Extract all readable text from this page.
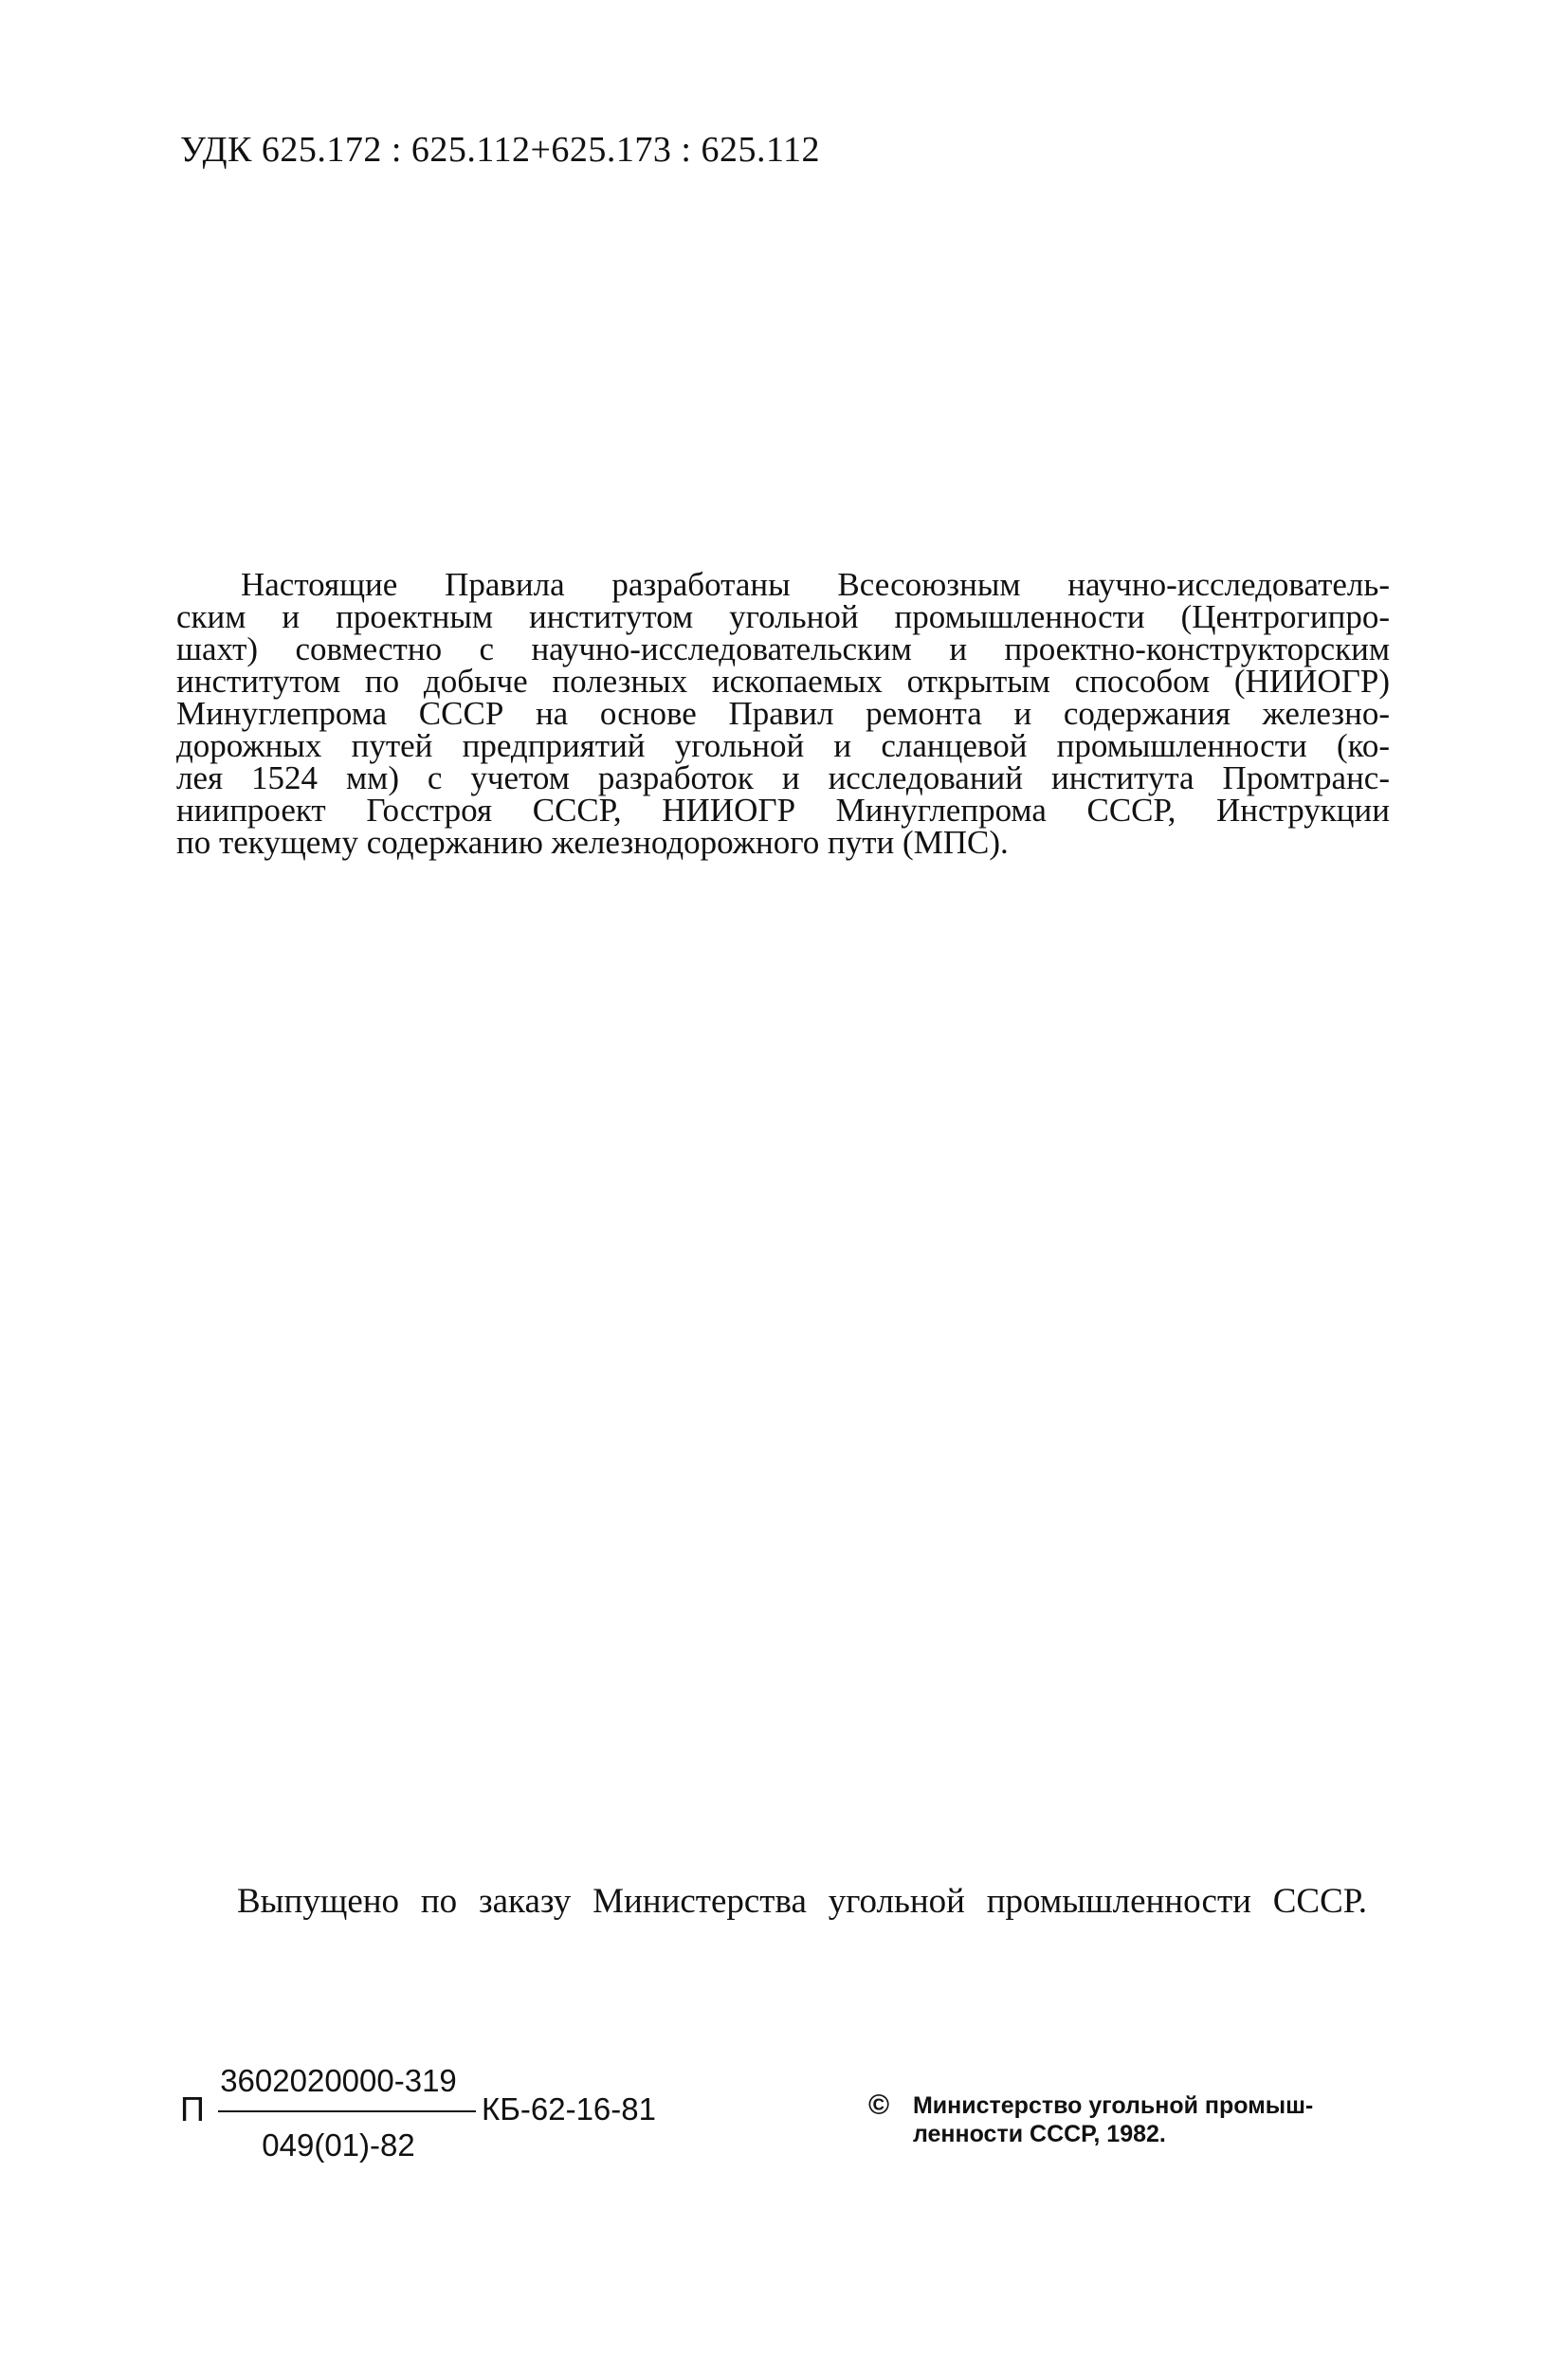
УДК 625.172 : 625.112+625.173 : 625.112
Настоящие Правила разработаны Всесоюзным научно-исследователь-
ским и проектным институтом угольной промышленности (Центрогипро-
шахт) совместно с научно-исследовательским и проектно-конструкторским
институтом по добыче полезных ископаемых открытым способом (НИИОГР)
Минуглепрома СССР на основе Правил ремонта и содержания железно-
дорожных путей предприятий угольной и сланцевой промышленности (ко-
лея 1524 мм) с учетом разработок и исследований института Промтранс-
ниипроект Госстроя СССР, НИИОГР Минуглепрома СССР, Инструкции
по текущему содержанию железнодорожного пути (МПС).
Выпущено по заказу Министерства угольной промышленности СССР.
П
3602020000-319
049(01)-82
КБ-62-16-81	© Министерство угольной промыш-
ленности СССР, 1982.
